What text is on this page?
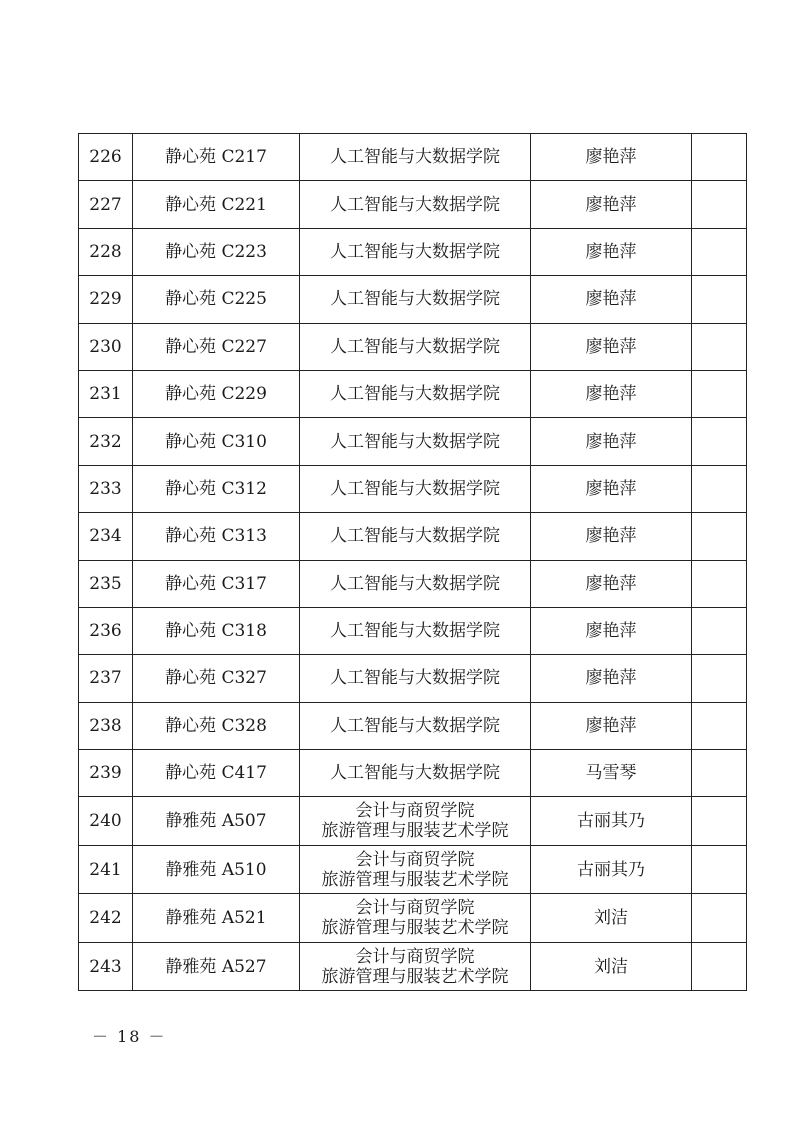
226	静心苑 C217	人工智能与大数据学院	廖艳萍	
227	静心苑 C221	人工智能与大数据学院	廖艳萍	
228	静心苑 C223	人工智能与大数据学院	廖艳萍	
229	静心苑 C225	人工智能与大数据学院	廖艳萍	
230	静心苑 C227	人工智能与大数据学院	廖艳萍	
231	静心苑 C229	人工智能与大数据学院	廖艳萍	
232	静心苑 C310	人工智能与大数据学院	廖艳萍	
233	静心苑 C312	人工智能与大数据学院	廖艳萍	
234	静心苑 C313	人工智能与大数据学院	廖艳萍	
235	静心苑 C317	人工智能与大数据学院	廖艳萍	
236	静心苑 C318	人工智能与大数据学院	廖艳萍	
237	静心苑 C327	人工智能与大数据学院	廖艳萍	
238	静心苑 C328	人工智能与大数据学院	廖艳萍	
239	静心苑 C417	人工智能与大数据学院	马雪琴	
240	静雅苑 A507	会计与商贸学院
旅游管理与服装艺术学院	古丽其乃	
241	静雅苑 A510	会计与商贸学院
旅游管理与服装艺术学院	古丽其乃	
242	静雅苑 A521	会计与商贸学院
旅游管理与服装艺术学院	刘洁	
243	静雅苑 A527	会计与商贸学院
旅游管理与服装艺术学院	刘洁	
－ 18 －
